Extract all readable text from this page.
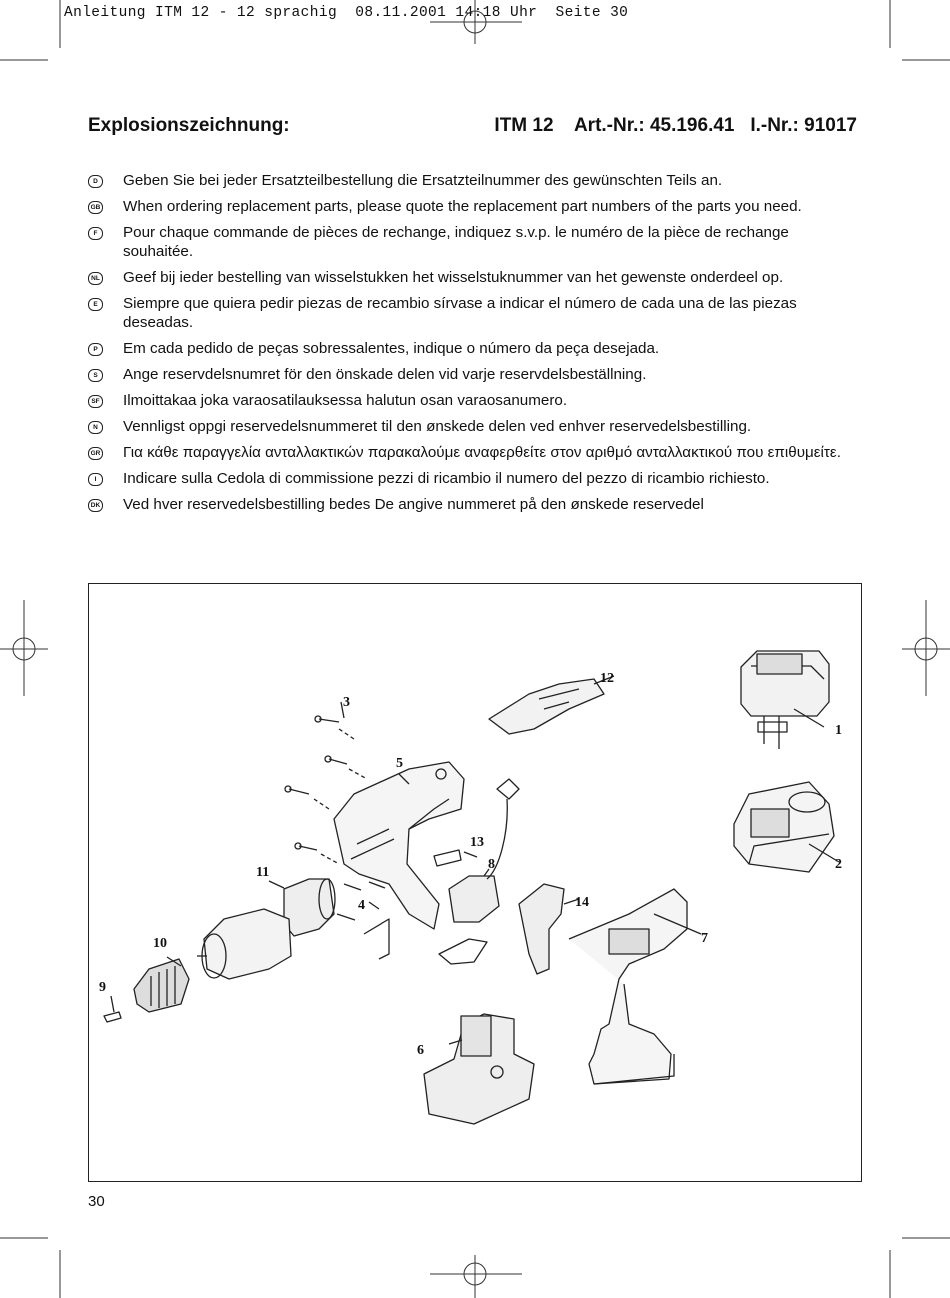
Anleitung ITM 12 - 12 sprachig  08.11.2001 14:18 Uhr  Seite 30
Explosionszeichnung:	ITM 12    Art.-Nr.: 45.196.41   I.-Nr.: 91017
D	Geben Sie bei jeder Ersatzteilbestellung die Ersatzteilnummer des gewünschten Teils an.
GB When ordering replacement parts, please quote the replacement part numbers of the parts you need.
F	Pour chaque commande de pièces de rechange, indiquez s.v.p. le numéro de la pièce de rechange souhaitée.
NL Geef bij ieder bestelling van wisselstukken het wisselstuknummer van het gewenste onderdeel op.
E	Siempre que quiera pedir piezas de recambio sírvase a indicar el número de cada una de las piezas deseadas.
P	Em cada pedido de peças sobressalentes, indique o número da peça desejada.
S	Ange reservdelsnumret för den önskade delen vid varje reservdelsbeställning.
SF Ilmoittakaa joka varaosatilauksessa halutun osan varaosanumero.
N	Vennligst oppgi reservedelsnummeret til den ønskede delen ved enhver reservedelsbestilling.
GR Για κάθε παραγγελία ανταλλακτικών παρακαλούμε αναφερθείτε στον αριθμό ανταλλακτικού που επιθυμείτε.
I	Indicare sulla Cedola di commissione pezzi di ricambio il numero del pezzo di ricambio richiesto.
DK Ved hver reservedelsbestilling bedes De angive nummeret på den ønskede reservedel
1
2
3
4
5
6
7
8
9
10
11
12
13
14
30
